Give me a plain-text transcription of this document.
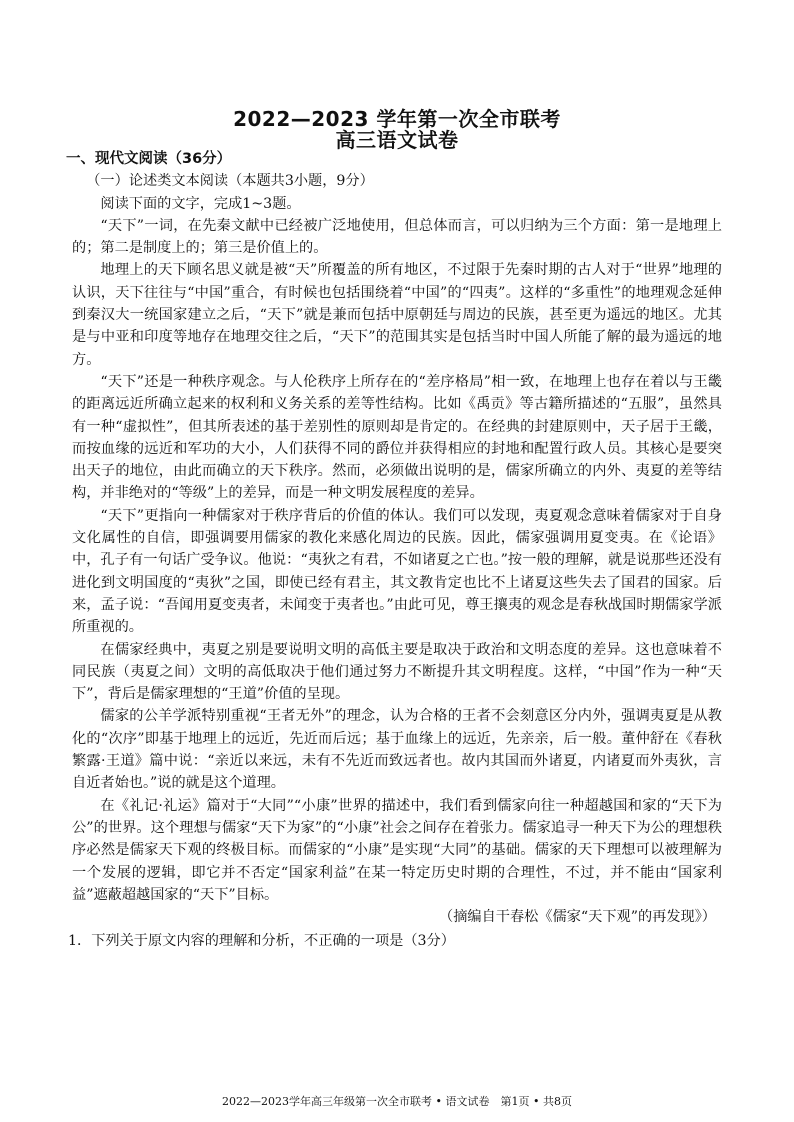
2022—2023 学年第一次全市联考
高三语文试卷

一、现代文阅读（36分）

（一）论述类文本阅读（本题共3小题，9分）

阅读下面的文字，完成1~3题。

“天下”一词，在先秦文献中已经被广泛地使用，但总体而言，可以归纳为三个方面：第一是地理上的；第二是制度上的；第三是价值上的。

地理上的天下顾名思义就是被“天”所覆盖的所有地区，不过限于先秦时期的古人对于“世界”地理的认识，天下往往与“中国”重合，有时候也包括围绕着“中国”的“四夷”。这样的“多重性”的地理观念延伸到秦汉大一统国家建立之后，“天下”就是兼而包括中原朝廷与周边的民族，甚至更为遥远的地区。尤其是与中亚和印度等地存在地理交往之后，“天下”的范围其实是包括当时中国人所能了解的最为遥远的地方。

“天下”还是一种秩序观念。与人伦秩序上所存在的“差序格局”相一致，在地理上也存在着以与王畿的距离远近所确立起来的权利和义务关系的差等性结构。比如《禹贡》等古籍所描述的“五服”，虽然具有一种“虚拟性”，但其所表述的基于差别性的原则却是肯定的。在经典的封建原则中，天子居于王畿，而按血缘的远近和军功的大小，人们获得不同的爵位并获得相应的封地和配置行政人员。其核心是要突出天子的地位，由此而确立的天下秩序。然而，必须做出说明的是，儒家所确立的内外、夷夏的差等结构，并非绝对的“等级”上的差异，而是一种文明发展程度的差异。

“天下”更指向一种儒家对于秩序背后的价值的体认。我们可以发现，夷夏观念意味着儒家对于自身文化属性的自信，即强调要用儒家的教化来感化周边的民族。因此，儒家强调用夏变夷。在《论语》中，孔子有一句话广受争议。他说：“夷狄之有君，不如诸夏之亡也。”按一般的理解，就是说那些还没有进化到文明国度的“夷狄”之国，即使已经有君主，其文教肯定也比不上诸夏这些失去了国君的国家。后来，孟子说：“吾闻用夏变夷者，未闻变于夷者也。”由此可见，尊王攘夷的观念是春秋战国时期儒家学派所重视的。

在儒家经典中，夷夏之别是要说明文明的高低主要是取决于政治和文明态度的差异。这也意味着不同民族（夷夏之间）文明的高低取决于他们通过努力不断提升其文明程度。这样，“中国”作为一种“天下”，背后是儒家理想的“王道”价值的呈现。

儒家的公羊学派特别重视“王者无外”的理念，认为合格的王者不会刻意区分内外，强调夷夏是从教化的“次序”即基于地理上的远近，先近而后远；基于血缘上的远近，先亲亲，后一般。董仲舒在《春秋繁露·王道》篇中说：“亲近以来远，未有不先近而致远者也。故内其国而外诸夏，内诸夏而外夷狄，言自近者始也。”说的就是这个道理。

在《礼记·礼运》篇对于“大同”“小康”世界的描述中，我们看到儒家向往一种超越国和家的“天下为公”的世界。这个理想与儒家“天下为家”的“小康”社会之间存在着张力。儒家追寻一种天下为公的理想秩序必然是儒家天下观的终极目标。而儒家的“小康”是实现“大同”的基础。儒家的天下理想可以被理解为一个发展的逻辑，即它并不否定“国家利益”在某一特定历史时期的合理性，不过，并不能由“国家利益”遮蔽超越国家的“天下”目标。

（摘编自干春松《儒家“天下观”的再发现》）

1．下列关于原文内容的理解和分析，不正确的一项是（3分）

2022—2023学年高三年级第一次全市联考 • 语文试卷　第1页 • 共8页
